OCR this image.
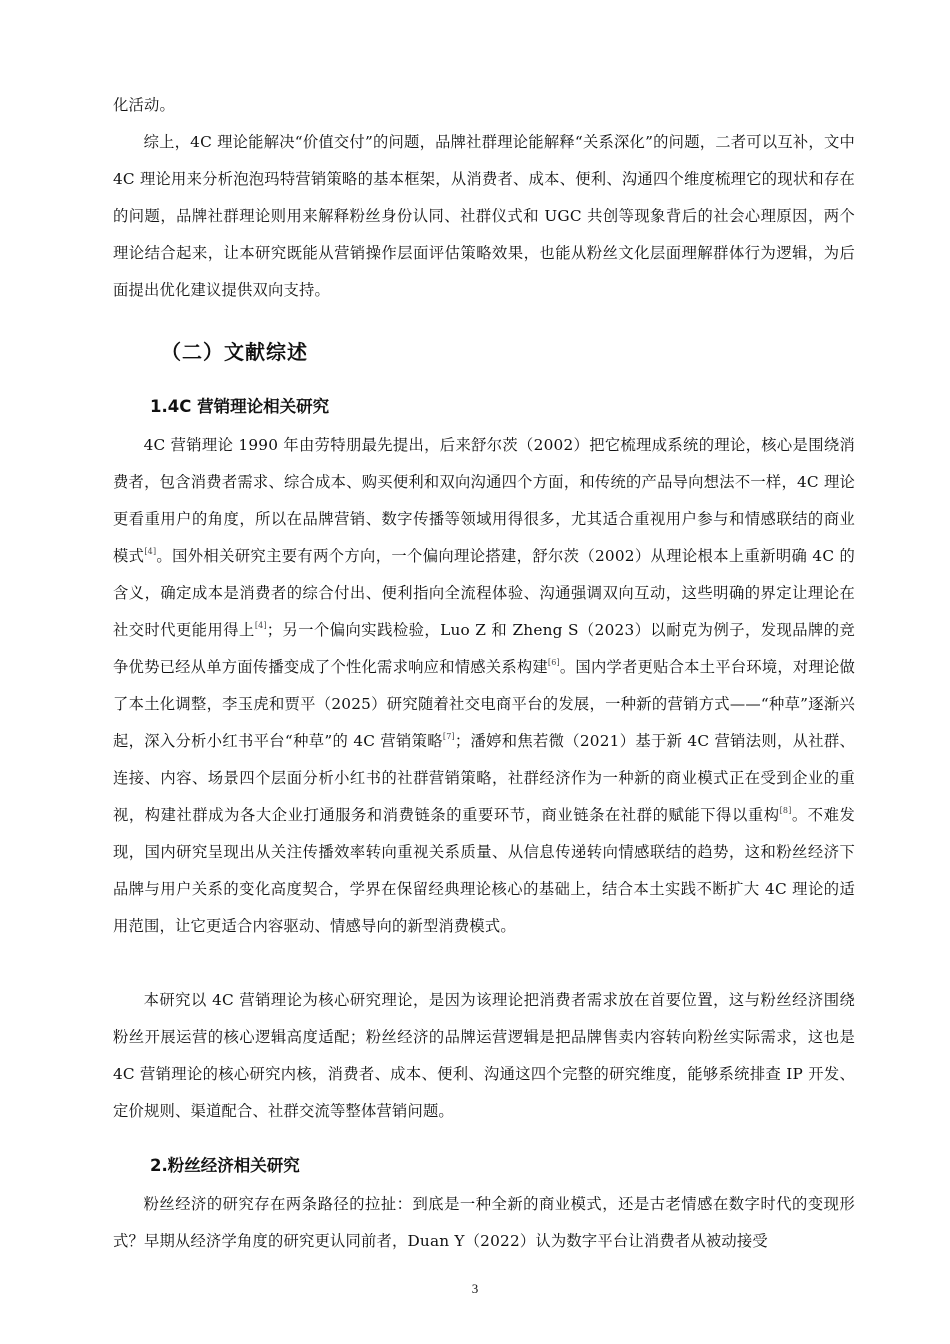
化活动。

综上，4C 理论能解决“价值交付”的问题，品牌社群理论能解释“关系深化”的问题，二者可以互补，文中 4C 理论用来分析泡泡玛特营销策略的基本框架，从消费者、成本、便利、沟通四个维度梳理它的现状和存在的问题，品牌社群理论则用来解释粉丝身份认同、社群仪式和 UGC 共创等现象背后的社会心理原因，两个理论结合起来，让本研究既能从营销操作层面评估策略效果，也能从粉丝文化层面理解群体行为逻辑，为后面提出优化建议提供双向支持。

（二）文献综述
1.4C 营销理论相关研究

4C 营销理论 1990 年由劳特朋最先提出，后来舒尔茨（2002）把它梳理成系统的理论，核心是围绕消费者，包含消费者需求、综合成本、购买便利和双向沟通四个方面，和传统的产品导向想法不一样，4C 理论更看重用户的角度，所以在品牌营销、数字传播等领域用得很多，尤其适合重视用户参与和情感联结的商业模式[4]。国外相关研究主要有两个方向，一个偏向理论搭建，舒尔茨（2002）从理论根本上重新明确 4C 的含义，确定成本是消费者的综合付出、便利指向全流程体验、沟通强调双向互动，这些明确的界定让理论在社交时代更能用得上[4]；另一个偏向实践检验，Luo Z 和 Zheng S（2023）以耐克为例子，发现品牌的竞争优势已经从单方面传播变成了个性化需求响应和情感关系构建[6]。国内学者更贴合本土平台环境，对理论做了本土化调整，李玉虎和贾平（2025）研究随着社交电商平台的发展，一种新的营销方式——“种草”逐渐兴起，深入分析小红书平台“种草”的 4C 营销策略[7]；潘婷和焦若微（2021）基于新 4C 营销法则，从社群、连接、内容、场景四个层面分析小红书的社群营销策略，社群经济作为一种新的商业模式正在受到企业的重视，构建社群成为各大企业打通服务和消费链条的重要环节，商业链条在社群的赋能下得以重构[8]。不难发现，国内研究呈现出从关注传播效率转向重视关系质量、从信息传递转向情感联结的趋势，这和粉丝经济下品牌与用户关系的变化高度契合，学界在保留经典理论核心的基础上，结合本土实践不断扩大 4C 理论的适用范围，让它更适合内容驱动、情感导向的新型消费模式。

本研究以 4C 营销理论为核心研究理论，是因为该理论把消费者需求放在首要位置，这与粉丝经济围绕粉丝开展运营的核心逻辑高度适配；粉丝经济的品牌运营逻辑是把品牌售卖内容转向粉丝实际需求，这也是 4C 营销理论的核心研究内核，消费者、成本、便利、沟通这四个完整的研究维度，能够系统排查 IP 开发、定价规则、渠道配合、社群交流等整体营销问题。

2.粉丝经济相关研究

粉丝经济的研究存在两条路径的拉扯：到底是一种全新的商业模式，还是古老情感在数字时代的变现形式？早期从经济学角度的研究更认同前者，Duan Y（2022）认为数字平台让消费者从被动接受

3
